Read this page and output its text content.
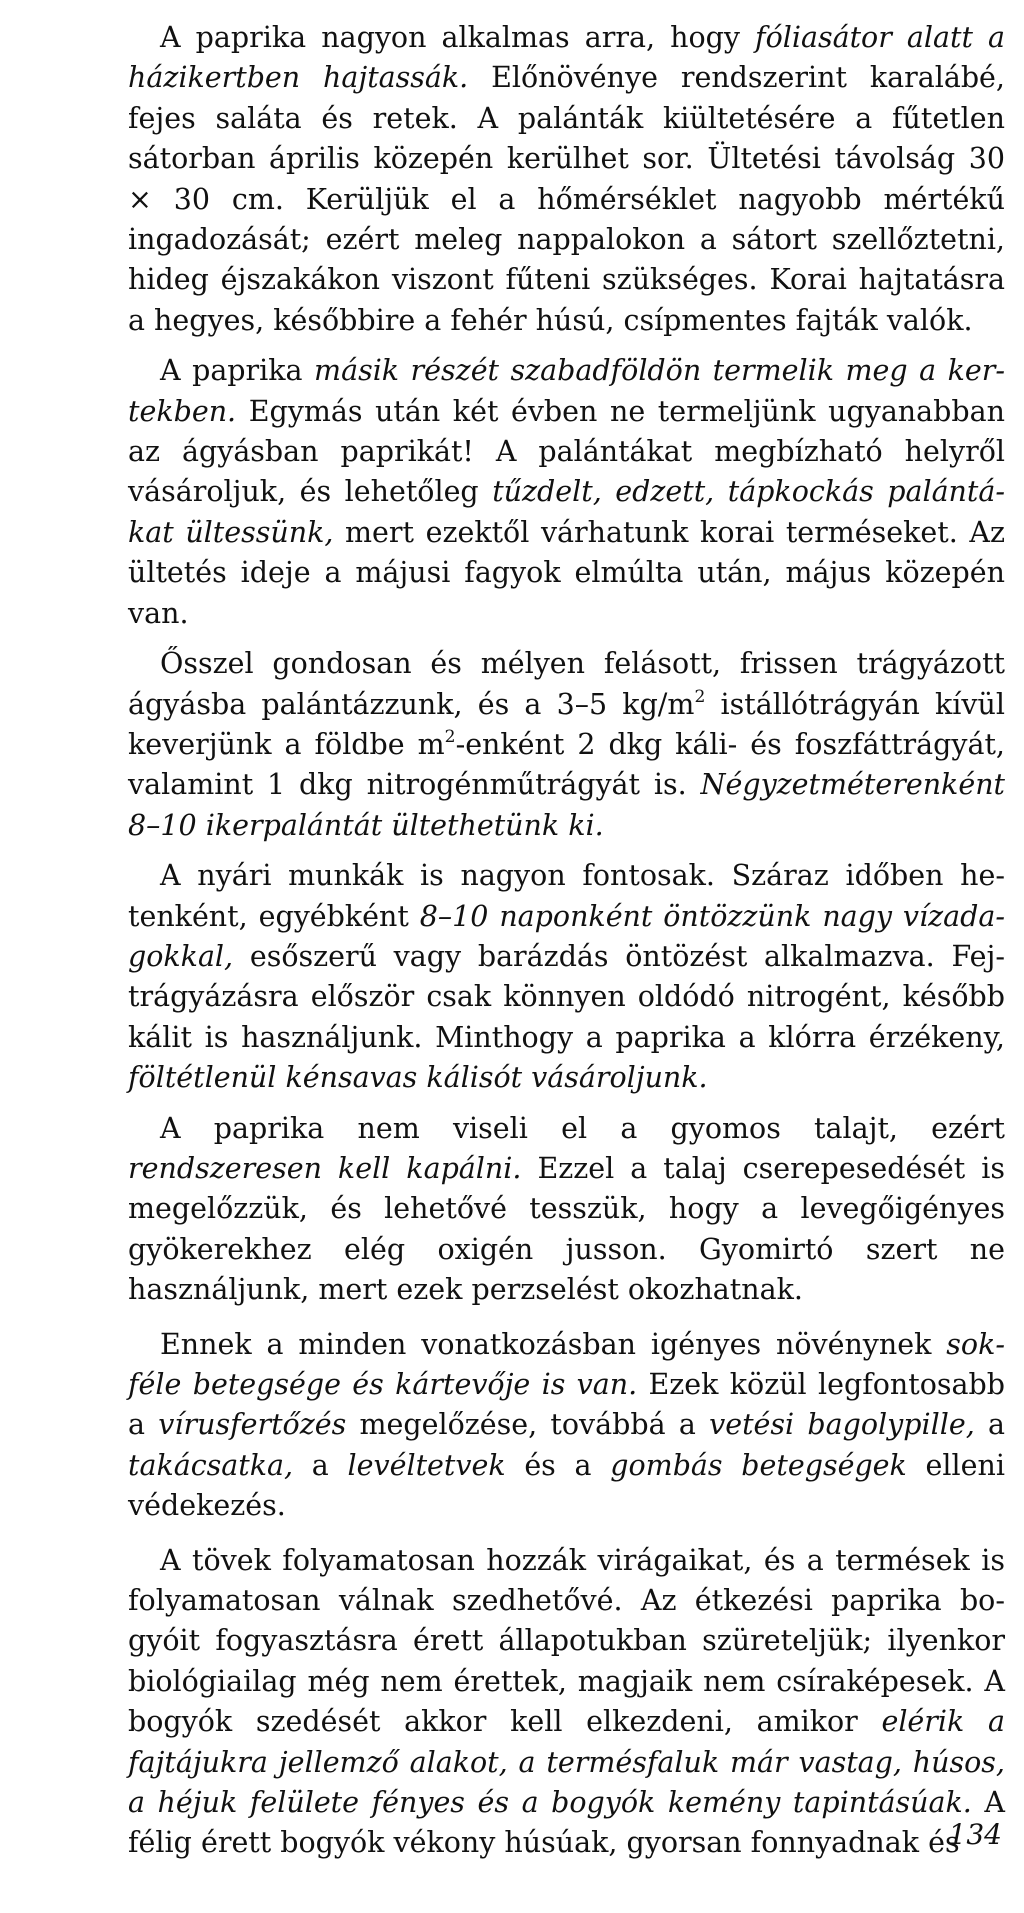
A paprika nagyon alkalmas arra, hogy fóliasátor alatt a házikertben hajtassák. Előnövénye rendszerint karalábé, fejes saláta és retek. A palánták kiültetésére a fűtetlen sátorban április közepén kerülhet sor. Ültetési távolság 30 × 30 cm. Kerüljük el a hőmérséklet nagyobb mértékű ingadozását; ezért meleg nappalokon a sátort szellőztetni, hideg éjszakákon viszont fűteni szükséges. Korai hajtatásra a hegyes, későbbire a fehér húsú, csípmentes fajták valók.

A paprika másik részét szabadföldön termelik meg a kertekben. Egymás után két évben ne termeljünk ugyanabban az ágyásban paprikát! A palántákat megbízható helyről vásároljuk, és lehetőleg tűzdelt, edzett, tápkockás palántákat ültessünk, mert ezektől várhatunk korai terméseket. Az ültetés ideje a májusi fagyok elmúlta után, május közepén van.

Ősszel gondosan és mélyen felásott, frissen trágyázott ágyásba palántázzunk, és a 3–5 $kg/m^2$ istállótrágyán kívül keverjünk a földbe $m^2$-enként 2 dkg káli- és foszfáttrágyát, valamint 1 dkg nitrogénműtrágyát is. Négyzetméterenként 8–10 ikerpalántát ültethetünk ki.

A nyári munkák is nagyon fontosak. Száraz időben hetenként, egyébként 8–10 naponként öntözzünk nagy vízadagokkal, esőszerű vagy barázdás öntözést alkalmazva. Fejtrágyázásra először csak könnyen oldódó nitrogént, később kálit is használjunk. Minthogy a paprika a klórra érzékeny, föltétlenül kénsavas kálisót vásároljunk.

A paprika nem viseli el a gyomos talajt, ezért rendszeresen kell kapálni. Ezzel a talaj cserepesedését is megelőzzük, és lehetővé tesszük, hogy a levegőigényes gyökerekhez elég oxigén jusson. Gyomirtó szert ne használjunk, mert ezek perzselést okozhatnak.

Ennek a minden vonatkozásban igényes növénynek sokféle betegsége és kártevője is van. Ezek közül legfontosabb a vírusfertőzés megelőzése, továbbá a vetési bagolypille, a takácsatka, a levéltetvek és a gombás betegségek elleni védekezés.

A tövek folyamatosan hozzák virágaikat, és a termések is folyamatosan válnak szedhetővé. Az étkezési paprika bogyóit fogyasztásra érett állapotukban szüreteljük; ilyenkor biológiailag még nem érettek, magjaik nem csíraképesek. A bogyók szedését akkor kell elkezdeni, amikor elérik a fajtájukra jellemző alakot, a termésfaluk már vastag, húsos, a héjuk felülete fényes és a bogyók kemény tapintásúak. A félig érett bogyók vékony húsúak, gyorsan fonnyadnak és

134
